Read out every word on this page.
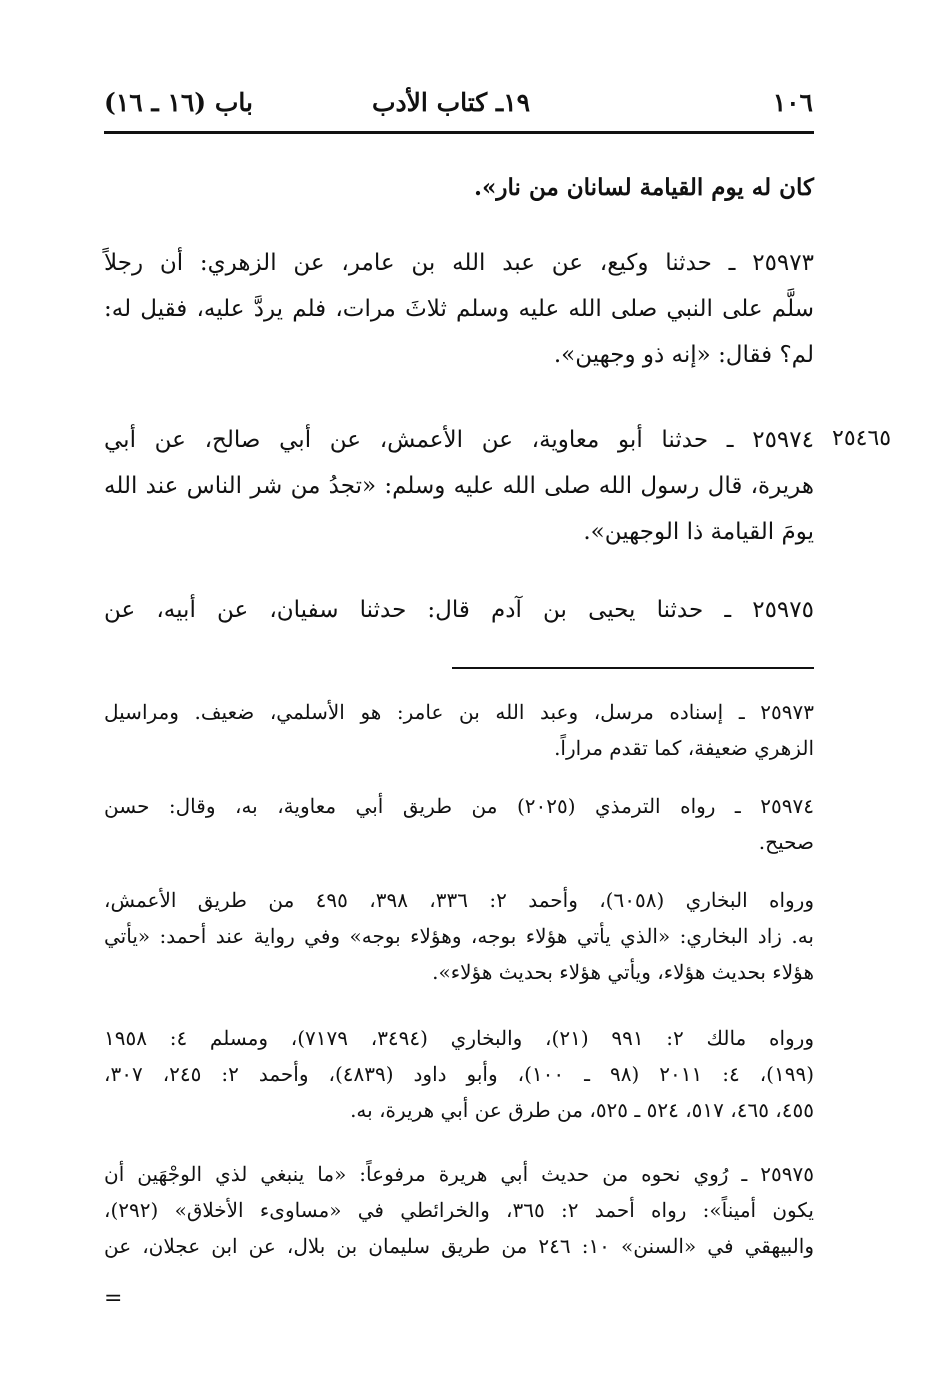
١٠٦
١٩ـ كتاب الأدب
باب (١٦ ـ ١٦)
كان له يوم القيامة لسانان من نار».
٢٥٩٧٣ ـ حدثنا وكيع، عن عبد الله بن عامر، عن الزهري: أن رجلاً
سلَّم على النبي صلى الله عليه وسلم ثلاثَ مرات، فلم يردَّ عليه، فقيل له:
لم؟ فقال: «إنه ذو وجهين».
٢٥٤٦٥
٢٥٩٧٤ ـ حدثنا أبو معاوية، عن الأعمش، عن أبي صالح، عن أبي
هريرة، قال رسول الله صلى الله عليه وسلم: «تجدُ من شر الناس عند الله
يومَ القيامة ذا الوجهين».
٢٥٩٧٥ ـ حدثنا يحيى بن آدم قال: حدثنا سفيان، عن أبيه، عن
٢٥٩٧٣ ـ إسناده مرسل، وعبد الله بن عامر: هو الأسلمي، ضعيف. ومراسيل
الزهري ضعيفة، كما تقدم مراراً.
٢٥٩٧٤ ـ رواه الترمذي (٢٠٢٥) من طريق أبي معاوية، به، وقال: حسن
صحيح.
ورواه البخاري (٦٠٥٨)، وأحمد ٢: ٣٣٦، ٣٩٨، ٤٩٥ من طريق الأعمش،
به. زاد البخاري: «الذي يأتي هؤلاء بوجه، وهؤلاء بوجه» وفي رواية عند أحمد: «يأتي
هؤلاء بحديث هؤلاء، ويأتي هؤلاء بحديث هؤلاء».
ورواه مالك ٢: ٩٩١ (٢١)، والبخاري (٣٤٩٤، ٧١٧٩)، ومسلم ٤: ١٩٥٨
(١٩٩)، ٤: ٢٠١١ (٩٨ ـ ١٠٠)، وأبو داود (٤٨٣٩)، وأحمد ٢: ٢٤٥، ٣٠٧،
٤٥٥، ٤٦٥، ٥١٧، ٥٢٤ ـ ٥٢٥، من طرق عن أبي هريرة، به.
٢٥٩٧٥ ـ رُوي نحوه من حديث أبي هريرة مرفوعاً: «ما ينبغي لذي الوجْهَين أن
يكون أميناً»: رواه أحمد ٢: ٣٦٥، والخرائطي في «مساوىء الأخلاق» (٢٩٢)،
والبيهقي في «السنن» ١٠: ٢٤٦ من طريق سليمان بن بلال، عن ابن عجلان، عن
=
